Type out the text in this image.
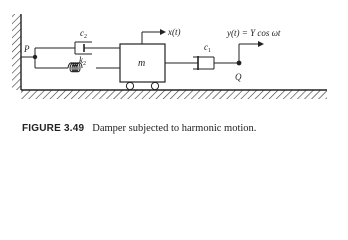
$c_2$
$k_2$	m
x(t)
$c_1$
y(t) = Y cos ωt
P
Q
FIGURE 3.49 Damper subjected to harmonic motion.
